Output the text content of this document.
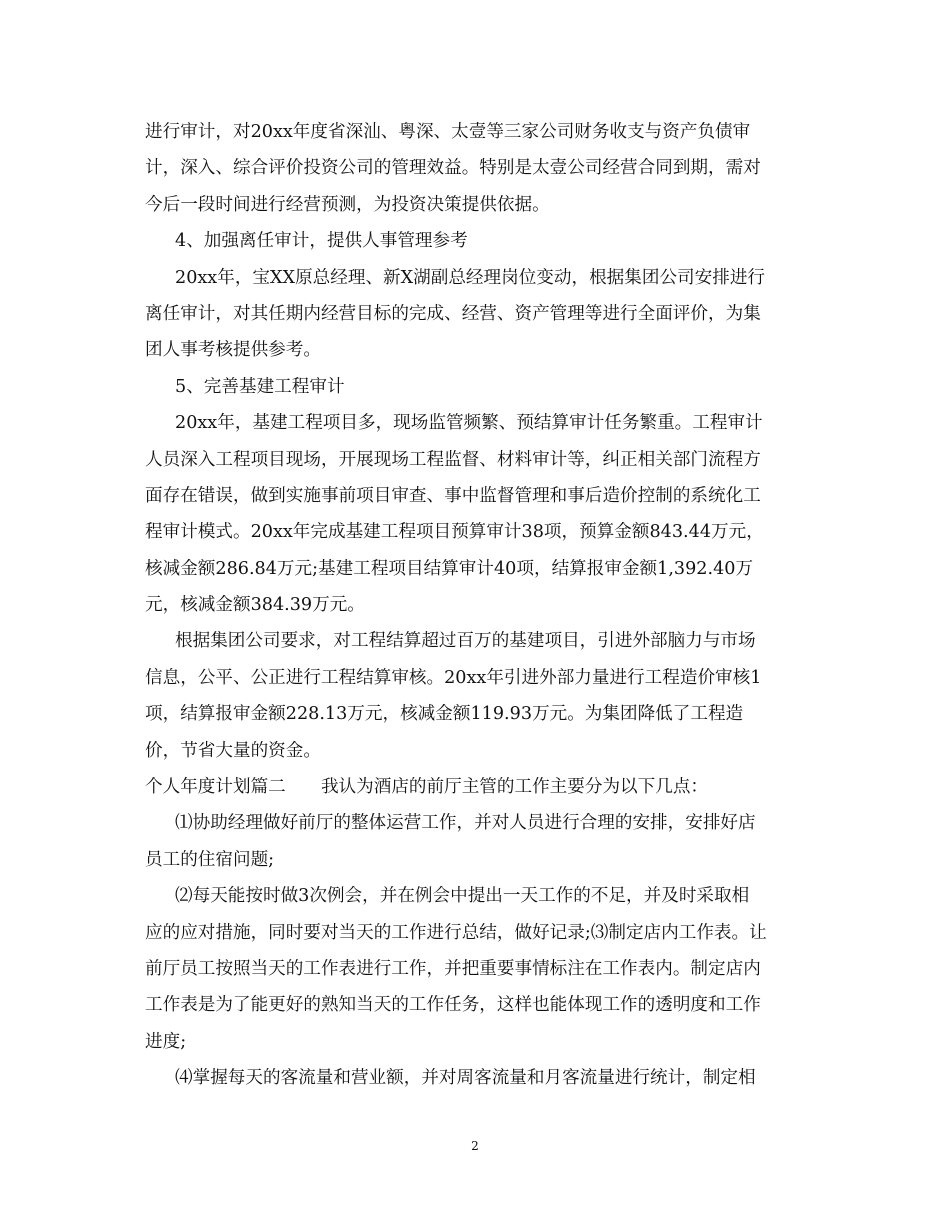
进行审计，对20xx年度省深汕、粤深、太壹等三家公司财务收支与资产负债审
计，深入、综合评价投资公司的管理效益。特别是太壹公司经营合同到期，需对
今后一段时间进行经营预测，为投资决策提供依据。
4、加强离任审计，提供人事管理参考
20xx年，宝XX原总经理、新X湖副总经理岗位变动，根据集团公司安排进行
离任审计，对其任期内经营目标的完成、经营、资产管理等进行全面评价，为集
团人事考核提供参考。
5、完善基建工程审计
20xx年，基建工程项目多，现场监管频繁、预结算审计任务繁重。工程审计
人员深入工程项目现场，开展现场工程监督、材料审计等，纠正相关部门流程方
面存在错误，做到实施事前项目审查、事中监督管理和事后造价控制的系统化工
程审计模式。20xx年完成基建工程项目预算审计38项，预算金额843.44万元，
核减金额286.84万元;基建工程项目结算审计40项，结算报审金额1,392.40万
元，核减金额384.39万元。
根据集团公司要求，对工程结算超过百万的基建项目，引进外部脑力与市场
信息，公平、公正进行工程结算审核。20xx年引进外部力量进行工程造价审核1
项，结算报审金额228.13万元，核减金额119.93万元。为集团降低了工程造
价，节省大量的资金。
个人年度计划篇二　　我认为酒店的前厅主管的工作主要分为以下几点：
⑴协助经理做好前厅的整体运营工作，并对人员进行合理的安排，安排好店
员工的住宿问题;
⑵每天能按时做3次例会，并在例会中提出一天工作的不足，并及时采取相
应的应对措施，同时要对当天的工作进行总结，做好记录;⑶制定店内工作表。让
前厅员工按照当天的工作表进行工作，并把重要事情标注在工作表内。制定店内
工作表是为了能更好的熟知当天的工作任务，这样也能体现工作的透明度和工作
进度;
⑷掌握每天的客流量和营业额，并对周客流量和月客流量进行统计，制定相
2
